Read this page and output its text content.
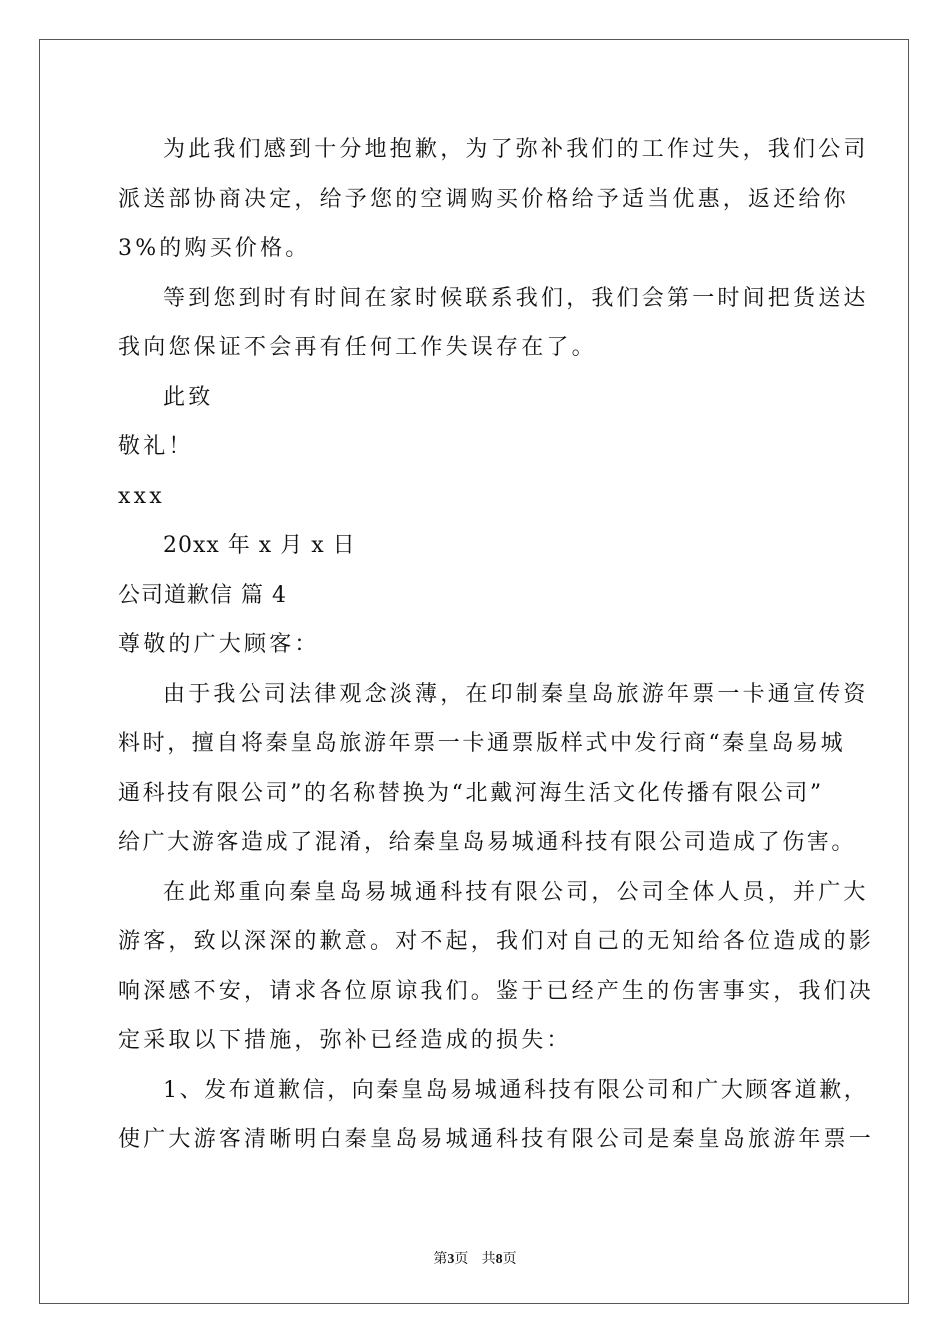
为此我们感到十分地抱歉，为了弥补我们的工作过失，我们公司
派送部协商决定，给予您的空调购买价格给予适当优惠，返还给你
3%的购买价格。
等到您到时有时间在家时候联系我们，我们会第一时间把货送达
我向您保证不会再有任何工作失误存在了。
此致
敬礼！
xxx
20xx 年 x 月 x 日
公司道歉信 篇 4
尊敬的广大顾客：
由于我公司法律观念淡薄，在印制秦皇岛旅游年票一卡通宣传资
料时，擅自将秦皇岛旅游年票一卡通票版样式中发行商“秦皇岛易城
通科技有限公司”的名称替换为“北戴河海生活文化传播有限公司”
给广大游客造成了混淆，给秦皇岛易城通科技有限公司造成了伤害。
在此郑重向秦皇岛易城通科技有限公司，公司全体人员，并广大
游客，致以深深的歉意。对不起，我们对自己的无知给各位造成的影
响深感不安，请求各位原谅我们。鉴于已经产生的伤害事实，我们决
定采取以下措施，弥补已经造成的损失：
1、发布道歉信，向秦皇岛易城通科技有限公司和广大顾客道歉，
使广大游客清晰明白秦皇岛易城通科技有限公司是秦皇岛旅游年票一
第3页 共8页
